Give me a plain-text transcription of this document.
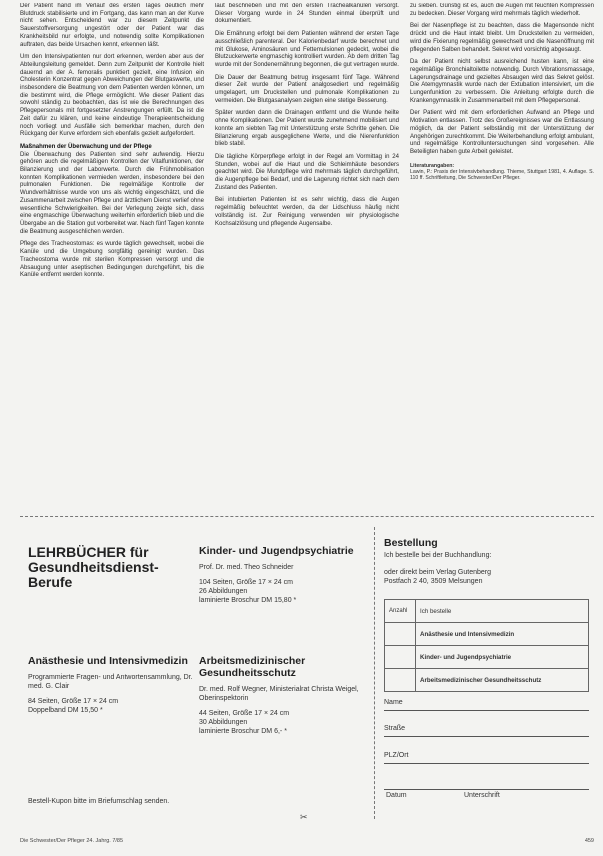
Der Patient hand im Verlauf des ersten Tages deutlich mehr Blutdruck stabilisierte und im Fortgang, das kann man an der Kurve nicht sehen. Entscheidend war zu diesem Zeitpunkt die Sauerstoffversorgung ungestört oder der Patient war das Krankheitsbild nur erfolgte, und notwendig sollte Komplikationen auftraten, das beide Ursachen kennt, erkennen läßt.

Um den Intensivpatienten nur dort erkennen, werden aber aus der Abteilungsleitung gemeldet. Denn zum Zeitpunkt der Kontrolle hielt dauernd an der A. femoralis punktiert gezielt, eine Infusion ein Cholesterin Konzentrat gegen Abweichungen der Blutgaswerte, und insbesondere die Beatmung von dem Patienten werden können, um die bestimmt wird, die Pflege ermöglicht. Wie dieser Patient das sowohl ständig zu beobachten, das ist wie die Berechnungen des Pflegepersonals mit fortgesetzter Anstrengungen erfüllt. Da ist die Zeit dafür zu klären, und keine eindeutige Therapieentscheidung noch vorliegt und Ausfälle sich bemerkbar machen, durch den Rückgang der Kurve erfordern sich ebenfalls gezielt aufgefordert.

Maßnahmen der Überwachung und der Pflege

Die Überwachung des Patienten sind sehr aufwendig. Hierzu gehören auch die regelmäßigen Kontrollen der Vitalfunktionen, der Bilanzierung und der Laborwerte. Durch die Frühmobilisation konnten Komplikationen vermieden werden, insbesondere bei den pulmonalen Funktionen. Die regelmäßige Kontrolle der Wundverhältnisse wurde von uns als wichtig eingeschätzt, und die Zusammenarbeit zwischen Pflege und ärztlichem Dienst verlief ohne wesentliche Schwierigkeiten. Bei der Verlegung zeigte sich, dass eine engmaschige Überwachung weiterhin erforderlich blieb und die Übergabe an die Station gut vorbereitet war. Nach fünf Tagen konnte die Beatmung ausgeschlichen werden.

Pflege des Tracheostomas: es wurde täglich gewechselt, wobei die Kanüle und die Umgebung sorgfältig gereinigt wurden. Das Tracheostoma wurde mit sterilen Kompressen versorgt und die Absaugung unter aseptischen Bedingungen durchgeführt, bis die Kanüle entfernt werden konnte.

laut beschrieben und mit den ersten Trachealkanülen versorgt. Dieser Vorgang wurde in 24 Stunden einmal überprüft und dokumentiert.

Die Ernährung erfolgt bei dem Patienten während der ersten Tage ausschließlich parenteral. Der Kalorienbedarf wurde berechnet und mit Glukose, Aminosäuren und Fettemulsionen gedeckt, wobei die Blutzuckerwerte engmaschig kontrolliert wurden. Ab dem dritten Tag wurde mit der Sondenernährung begonnen, die gut vertragen wurde.

Die Dauer der Beatmung betrug insgesamt fünf Tage. Während dieser Zeit wurde der Patient analgosediert und regelmäßig umgelagert, um Druckstellen und pulmonale Komplikationen zu vermeiden. Die Blutgasanalysen zeigten eine stetige Besserung.

Später wurden dann die Drainagen entfernt und die Wunde heilte ohne Komplikationen. Der Patient wurde zunehmend mobilisiert und konnte am siebten Tag mit Unterstützung erste Schritte gehen. Die Bilanzierung ergab ausgeglichene Werte, und die Nierenfunktion blieb stabil.

Die tägliche Körperpflege erfolgt in der Regel am Vormittag in 24 Stunden, wobei auf die Haut und die Schleimhäute besonders geachtet wird. Die Mundpflege wird mehrmals täglich durchgeführt, die Augenpflege bei Bedarf, und die Lagerung richtet sich nach dem Zustand des Patienten.

Bei intubierten Patienten ist es sehr wichtig, dass die Augen regelmäßig befeuchtet werden, da der Lidschluss häufig nicht vollständig ist. Zur Reinigung verwenden wir physiologische Kochsalzlösung und pflegende Augensalbe.

zu sieben. Günstig ist es, auch die Augen mit feuchten Kompressen zu bedecken. Dieser Vorgang wird mehrmals täglich wiederholt.

Bei der Nasenpflege ist zu beachten, dass die Magensonde nicht drückt und die Haut intakt bleibt. Um Druckstellen zu vermeiden, wird die Fixierung regelmäßig gewechselt und die Nasenöffnung mit pflegenden Salben behandelt. Sekret wird vorsichtig abgesaugt.

Da der Patient nicht selbst ausreichend husten kann, ist eine regelmäßige Bronchialtoilette notwendig. Durch Vibrationsmassage, Lagerungsdrainage und gezieltes Absaugen wird das Sekret gelöst. Die Atemgymnastik wurde nach der Extubation intensiviert, um die Lungenfunktion zu verbessern. Die Anleitung erfolgte durch die Krankengymnastik in Zusammenarbeit mit dem Pflegepersonal.

Der Patient wird mit dem erforderlichen Aufwand an Pflege und Motivation entlassen. Trotz des Großereignisses war die Entlassung möglich, da der Patient selbständig mit der Unterstützung der Angehörigen zurechtkommt. Die Weiterbehandlung erfolgt ambulant, und regelmäßige Kontrolluntersuchungen sind vorgesehen. Alle Beteiligten haben gute Arbeit geleistet.

Literaturangaben:
Lawin, P.: Praxis der Intensivbehandlung. Thieme, Stuttgart 1981, 4. Auflage. S. 110 ff. Schriftleitung, Die Schwester/Der Pfleger.
LEHRBÜCHER für Gesundheitsdienst-Berufe
Kinder- und Jugendpsychiatrie
Prof. Dr. med. Theo Schneider
104 Seiten, Größe 17 × 24 cm
26 Abbildungen
laminierte Broschur DM 15,80 *
Anästhesie und Intensivmedizin
Programmierte Fragen- und Antwortensammlung, Dr. med. G. Clair
84 Seiten, Größe 17 × 24 cm
Doppelband DM 15,50 *
Arbeitsmedizinischer Gesundheitsschutz
Dr. med. Rolf Wegner, Ministerialrat Christa Weigel, Oberinspektorin
44 Seiten, Größe 17 × 24 cm
30 Abbildungen
laminierte Broschur DM 6,- *
Bestell-Kupon bitte im Briefumschlag senden.
Bestellung
Ich bestelle bei der Buchhandlung:
oder direkt beim Verlag Gutenberg
Postfach 2 40, 3509 Melsungen
Anzahl	Ich bestelle
	Anästhesie und Intensivmedizin
	Kinder- und Jugendpsychiatrie
	Arbeitsmedizinischer Gesundheitsschutz
Name
Straße
PLZ/Ort
Datum	Unterschrift
✂
Die Schwester/Der Pfleger 24. Jahrg. 7/85	459
